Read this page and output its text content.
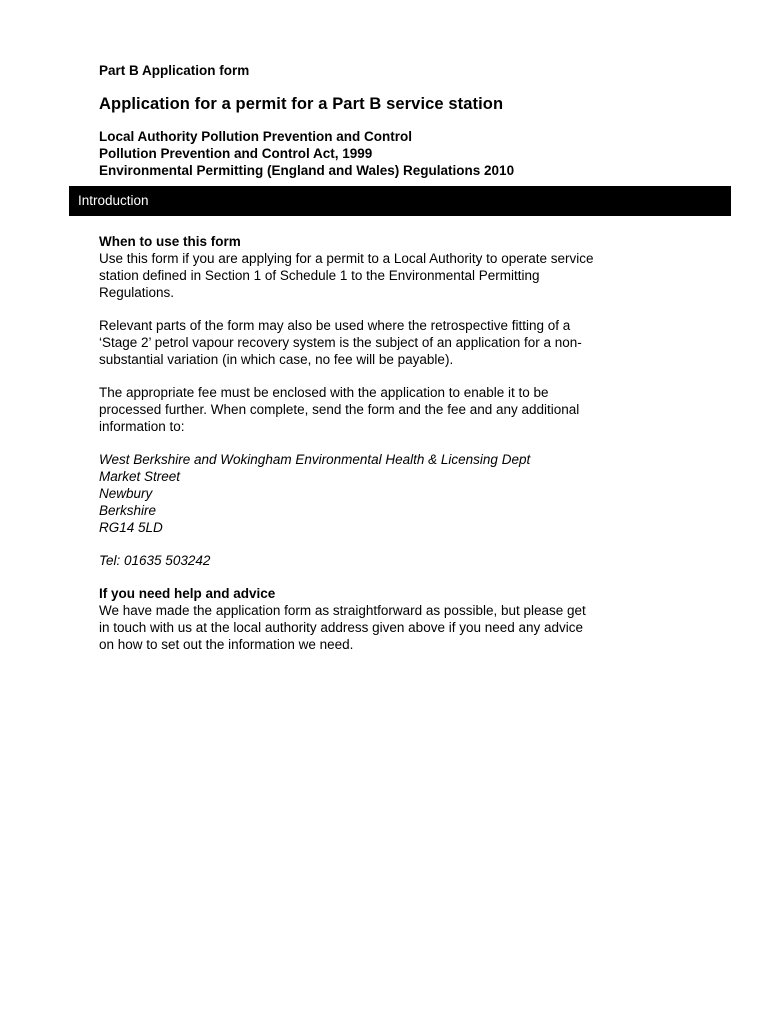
Part B Application form
Application for a permit for a Part B service station
Local Authority Pollution Prevention and Control
Pollution Prevention and Control Act, 1999
Environmental Permitting (England and Wales) Regulations 2010
Introduction

When to use this form

Use this form if you are applying for a permit to a Local Authority to operate service

station defined in Section 1 of Schedule 1 to the Environmental Permitting

Regulations.

Relevant parts of the form may also be used where the retrospective fitting of a

‘Stage 2’ petrol vapour recovery system is the subject of an application for a non-

substantial variation (in which case, no fee will be payable).

The appropriate fee must be enclosed with the application to enable it to be

processed further. When complete, send the form and the fee and any additional

information to:

West Berkshire and Wokingham Environmental Health & Licensing Dept

Market Street

Newbury

Berkshire

RG14 5LD

Tel: 01635 503242

If you need help and advice

We have made the application form as straightforward as possible, but please get

in touch with us at the local authority address given above if you need any advice

on how to set out the information we need.
